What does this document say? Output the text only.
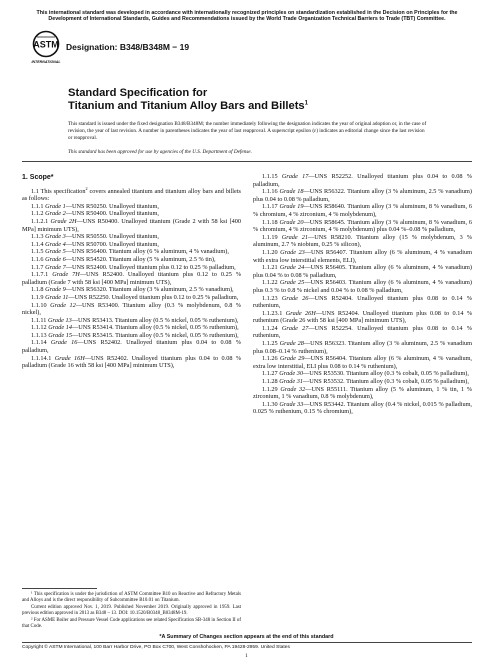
This international standard was developed in accordance with internationally recognized principles on standardization established in the Decision on Principles for the Development of International Standards, Guides and Recommendations issued by the World Trade Organization Technical Barriers to Trade (TBT) Committee.
ASTM
INTERNATIONAL
Designation: B348/B348M − 19
Standard Specification for
Titanium and Titanium Alloy Bars and Billets$^1$
This standard is issued under the fixed designation B348/B348M; the number immediately following the designation indicates the year of original adoption or, in the case of revision, the year of last revision. A number in parentheses indicates the year of last reapproval. A superscript epsilon (ε) indicates an editorial change since the last revision or reapproval.
This standard has been approved for use by agencies of the U.S. Department of Defense.

1. Scope*

1.1 This specification$^2$ covers annealed titanium and titanium alloy bars and billets as follows:

1.1.1 Grade 1—UNS R50250. Unalloyed titanium,

1.1.2 Grade 2—UNS R50400. Unalloyed titanium,

1.1.2.1 Grade 2H—UNS R50400. Unalloyed titanium (Grade 2 with 58 ksi [400 MPa] minimum UTS),

1.1.3 Grade 3—UNS R50550. Unalloyed titanium,

1.1.4 Grade 4—UNS R50700. Unalloyed titanium,

1.1.5 Grade 5—UNS R56400. Titanium alloy (6 % aluminum, 4 % vanadium),

1.1.6 Grade 6—UNS R54520. Titanium alloy (5 % aluminum, 2.5 % tin),

1.1.7 Grade 7—UNS R52400. Unalloyed titanium plus 0.12 to 0.25 % palladium,

1.1.7.1 Grade 7H—UNS R52400. Unalloyed titanium plus 0.12 to 0.25 % palladium (Grade 7 with 58 ksi [400 MPa] minimum UTS),

1.1.8 Grade 9—UNS R56320. Titanium alloy (3 % aluminum, 2.5 % vanadium),

1.1.9 Grade 11—UNS R52250. Unalloyed titanium plus 0.12 to 0.25 % palladium,

1.1.10 Grade 12—UNS R53400. Titanium alloy (0.3 % molybdenum, 0.8 % nickel),

1.1.11 Grade 13—UNS R53413. Titanium alloy (0.5 % nickel, 0.05 % ruthenium),

1.1.12 Grade 14—UNS R53414. Titanium alloy (0.5 % nickel, 0.05 % ruthenium),

1.1.13 Grade 15—UNS R53415. Titanium alloy (0.5 % nickel, 0.05 % ruthenium),

1.1.14 Grade 16—UNS R52402. Unalloyed titanium plus 0.04 to 0.08 % palladium,

1.1.14.1 Grade 16H—UNS R52402. Unalloyed titanium plus 0.04 to 0.08 % palladium (Grade 16 with 58 ksi [400 MPa] minimum UTS),

1.1.15 Grade 17—UNS R52252. Unalloyed titanium plus 0.04 to 0.08 % palladium,

1.1.16 Grade 18—UNS R56322. Titanium alloy (3 % aluminum, 2.5 % vanadium) plus 0.04 to 0.08 % palladium,

1.1.17 Grade 19—UNS R58640. Titanium alloy (3 % aluminum, 8 % vanadium, 6 % chromium, 4 % zirconium, 4 % molybdenum),

1.1.18 Grade 20—UNS R58645. Titanium alloy (3 % aluminum, 8 % vanadium, 6 % chromium, 4 % zirconium, 4 % molybdenum) plus 0.04 %–0.08 % palladium,

1.1.19 Grade 21—UNS R58210. Titanium alloy (15 % molybdenum, 3 % aluminum, 2.7 % niobium, 0.25 % silicon),

1.1.20 Grade 23—UNS R56407. Titanium alloy (6 % aluminum, 4 % vanadium with extra low interstitial elements, ELI),

1.1.21 Grade 24—UNS R56405. Titanium alloy (6 % aluminum, 4 % vanadium) plus 0.04 % to 0.08 % palladium,

1.1.22 Grade 25—UNS R56403. Titanium alloy (6 % aluminum, 4 % vanadium) plus 0.3 % to 0.8 % nickel and 0.04 % to 0.08 % palladium,

1.1.23 Grade 26—UNS R52404. Unalloyed titanium plus 0.08 to 0.14 % ruthenium,

1.1.23.1 Grade 26H—UNS R52404. Unalloyed titanium plus 0.08 to 0.14 % ruthenium (Grade 26 with 58 ksi [400 MPa] minimum UTS),

1.1.24 Grade 27—UNS R52254. Unalloyed titanium plus 0.08 to 0.14 % ruthenium,

1.1.25 Grade 28—UNS R56323. Titanium alloy (3 % aluminum, 2.5 % vanadium plus 0.08–0.14 % ruthenium),

1.1.26 Grade 29—UNS R56404. Titanium alloy (6 % aluminum, 4 % vanadium, extra low interstitial, ELI plus 0.08 to 0.14 % ruthenium),

1.1.27 Grade 30—UNS R53530. Titanium alloy (0.3 % cobalt, 0.05 % palladium),

1.1.28 Grade 31—UNS R53532. Titanium alloy (0.3 % cobalt, 0.05 % palladium),

1.1.29 Grade 32—UNS R55111. Titanium alloy (5 % aluminum, 1 % tin, 1 % zirconium, 1 % vanadium, 0.8 % molybdenum),

1.1.30 Grade 33—UNS R53442. Titanium alloy (0.4 % nickel, 0.015 % palladium, 0.025 % ruthenium, 0.15 % chromium),

¹ This specification is under the jurisdiction of ASTM Committee B10 on Reactive and Refractory Metals and Alloys and is the direct responsibility of Subcommittee B10.01 on Titanium.

Current edition approved Nov. 1, 2019. Published November 2019. Originally approved in 1959. Last previous edition approved in 2013 as B348 – 13. DOI: 10.1520/B0348_B0348M-19.

² For ASME Boiler and Pressure Vessel Code applications see related Specification SB-348 in Section II of that Code.

*A Summary of Changes section appears at the end of this standard
Copyright © ASTM International, 100 Barr Harbor Drive, PO Box C700, West Conshohocken, PA 19428-2959. United States
1
